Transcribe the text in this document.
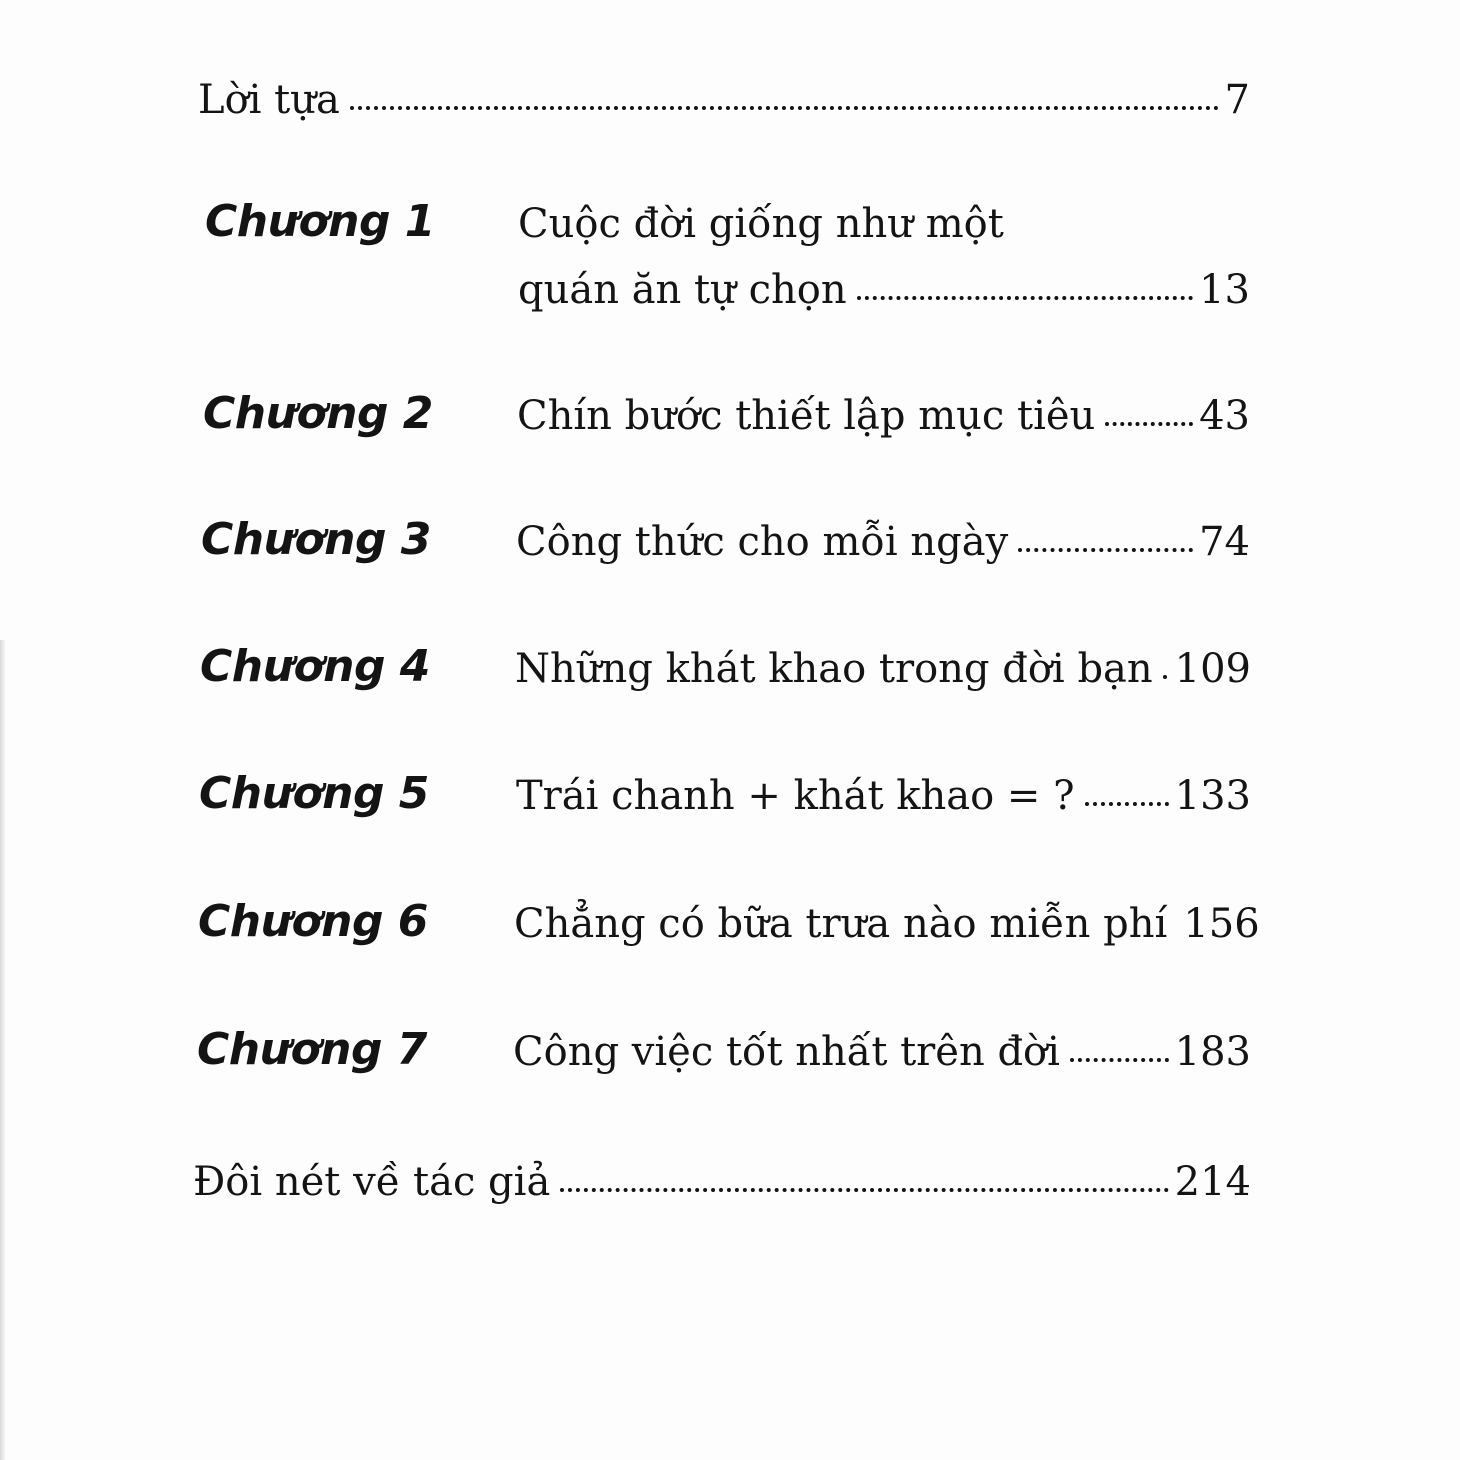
Lời tựa	7
Chương 1 Cuộc đời giống như một
quán ăn tự chọn	13
Chương 2 Chín bước thiết lập mục tiêu	43
Chương 3 Công thức cho mỗi ngày	74
Chương 4 Những khát khao trong đời bạn 109
Chương 5 Trái chanh + khát khao = ?	133
Chương 6 Chẳng có bữa trưa nào miễn phí 156
Chương 7 Công việc tốt nhất trên đời	183
Đôi nét về tác giả	214
